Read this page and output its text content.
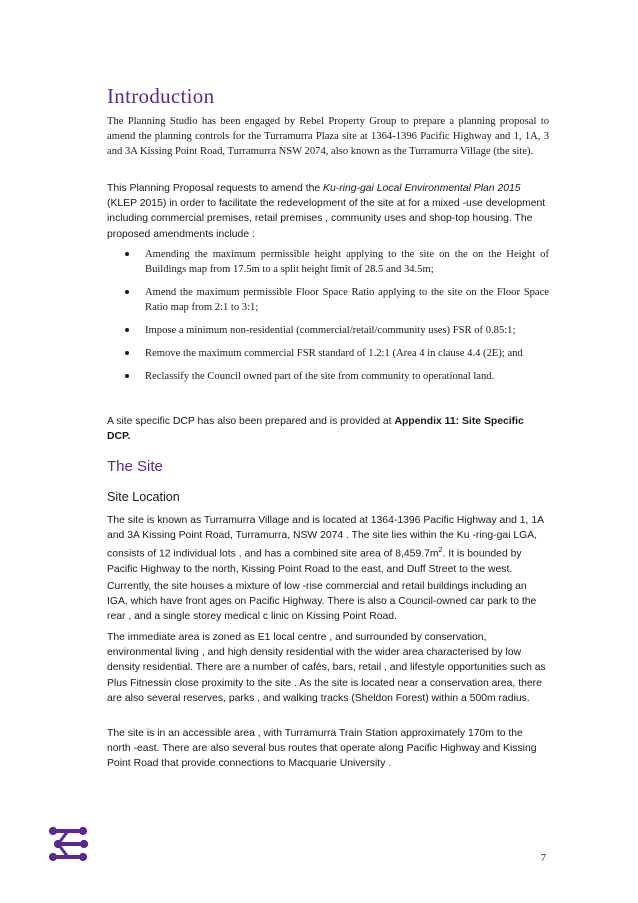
Introduction

The Planning Studio has been engaged by Rebel Property Group to prepare a planning proposal to amend the planning controls for the Turramurra Plaza site at 1364-1396 Pacific Highway and 1, 1A, 3 and 3A Kissing Point Road, Turramurra NSW 2074, also known as the Turramurra Village (the site).

This Planning Proposal requests to amend the Ku-ring-gai Local Environmental Plan 2015 (KLEP 2015) in order to facilitate the redevelopment of the site at for a mixed -use development including commercial premises, retail premises , community uses and shop-top housing. The proposed amendments include :

Amending the maximum permissible height applying to the site on the on the Height of Buildings map from 17.5m to a split height limit of 28.5 and 34.5m;
Amend the maximum permissible Floor Space Ratio applying to the site on the Floor Space Ratio map from 2:1 to 3:1;
Impose a minimum non-residential (commercial/retail/community uses) FSR of 0.85:1;
Remove the maximum commercial FSR standard of 1.2:1 (Area 4 in clause 4.4 (2E); and
Reclassify the Council owned part of the site from community to operational land.

A site specific DCP has also been prepared and is provided at Appendix 11: Site Specific DCP.

The Site
Site Location

The site is known as Turramurra Village and is located at 1364-1396 Pacific Highway and 1, 1A and 3A Kissing Point Road, Turramurra, NSW 2074 . The site lies within the Ku -ring-gai LGA, consists of 12 individual lots , and has a combined site area of $8,459.7m^2$. It is bounded by Pacific Highway to the north, Kissing Point Road to the east, and Duff Street to the west.

Currently, the site houses a mixture of low -rise commercial and retail buildings including an IGA, which have front ages on Pacific Highway. There is also a Council-owned car park to the rear , and a single storey medical c linic on Kissing Point Road.

The immediate area is zoned as E1 local centre , and surrounded by conservation, environmental living , and high density residential with the wider area characterised by low density residential. There are a number of cafés, bars, retail , and lifestyle opportunities such as Plus Fitnessin close proximity to the site . As the site is located near a conservation area, there are also several reserves, parks , and walking tracks (Sheldon Forest) within a 500m radius.

The site is in an accessible area , with Turramurra Train Station approximately 170m to the north -east. There are also several bus routes that operate along Pacific Highway and Kissing Point Road that provide connections to Macquarie University .

7
